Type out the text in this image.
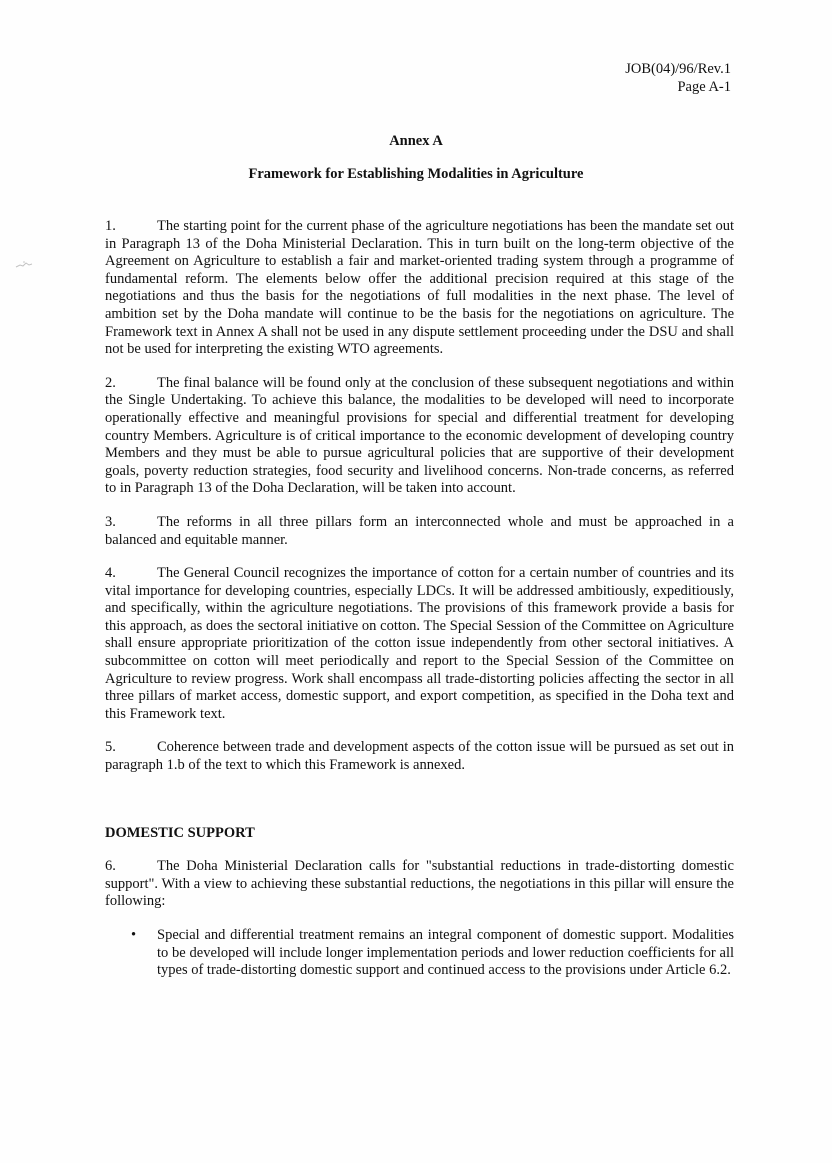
JOB(04)/96/Rev.1
Page A-1
Annex A
Framework for Establishing Modalities in Agriculture

1.	The starting point for the current phase of the agriculture negotiations has been the mandate set out in Paragraph 13 of the Doha Ministerial Declaration. This in turn built on the long-term objective of the Agreement on Agriculture to establish a fair and market-oriented trading system through a programme of fundamental reform. The elements below offer the additional precision required at this stage of the negotiations and thus the basis for the negotiations of full modalities in the next phase. The level of ambition set by the Doha mandate will continue to be the basis for the negotiations on agriculture. The Framework text in Annex A shall not be used in any dispute settlement proceeding under the DSU and shall not be used for interpreting the existing WTO agreements.

2.	The final balance will be found only at the conclusion of these subsequent negotiations and within the Single Undertaking. To achieve this balance, the modalities to be developed will need to incorporate operationally effective and meaningful provisions for special and differential treatment for developing country Members. Agriculture is of critical importance to the economic development of developing country Members and they must be able to pursue agricultural policies that are supportive of their development goals, poverty reduction strategies, food security and livelihood concerns. Non-trade concerns, as referred to in Paragraph 13 of the Doha Declaration, will be taken into account.

3.	The reforms in all three pillars form an interconnected whole and must be approached in a balanced and equitable manner.

4.	The General Council recognizes the importance of cotton for a certain number of countries and its vital importance for developing countries, especially LDCs. It will be addressed ambitiously, expeditiously, and specifically, within the agriculture negotiations. The provisions of this framework provide a basis for this approach, as does the sectoral initiative on cotton. The Special Session of the Committee on Agriculture shall ensure appropriate prioritization of the cotton issue independently from other sectoral initiatives. A subcommittee on cotton will meet periodically and report to the Special Session of the Committee on Agriculture to review progress. Work shall encompass all trade-distorting policies affecting the sector in all three pillars of market access, domestic support, and export competition, as specified in the Doha text and this Framework text.

5.	Coherence between trade and development aspects of the cotton issue will be pursued as set out in paragraph 1.b of the text to which this Framework is annexed.

DOMESTIC SUPPORT

6.	The Doha Ministerial Declaration calls for "substantial reductions in trade-distorting domestic support". With a view to achieving these substantial reductions, the negotiations in this pillar will ensure the following:

• Special and differential treatment remains an integral component of domestic support. Modalities to be developed will include longer implementation periods and lower reduction coefficients for all types of trade-distorting domestic support and continued access to the provisions under Article 6.2.
